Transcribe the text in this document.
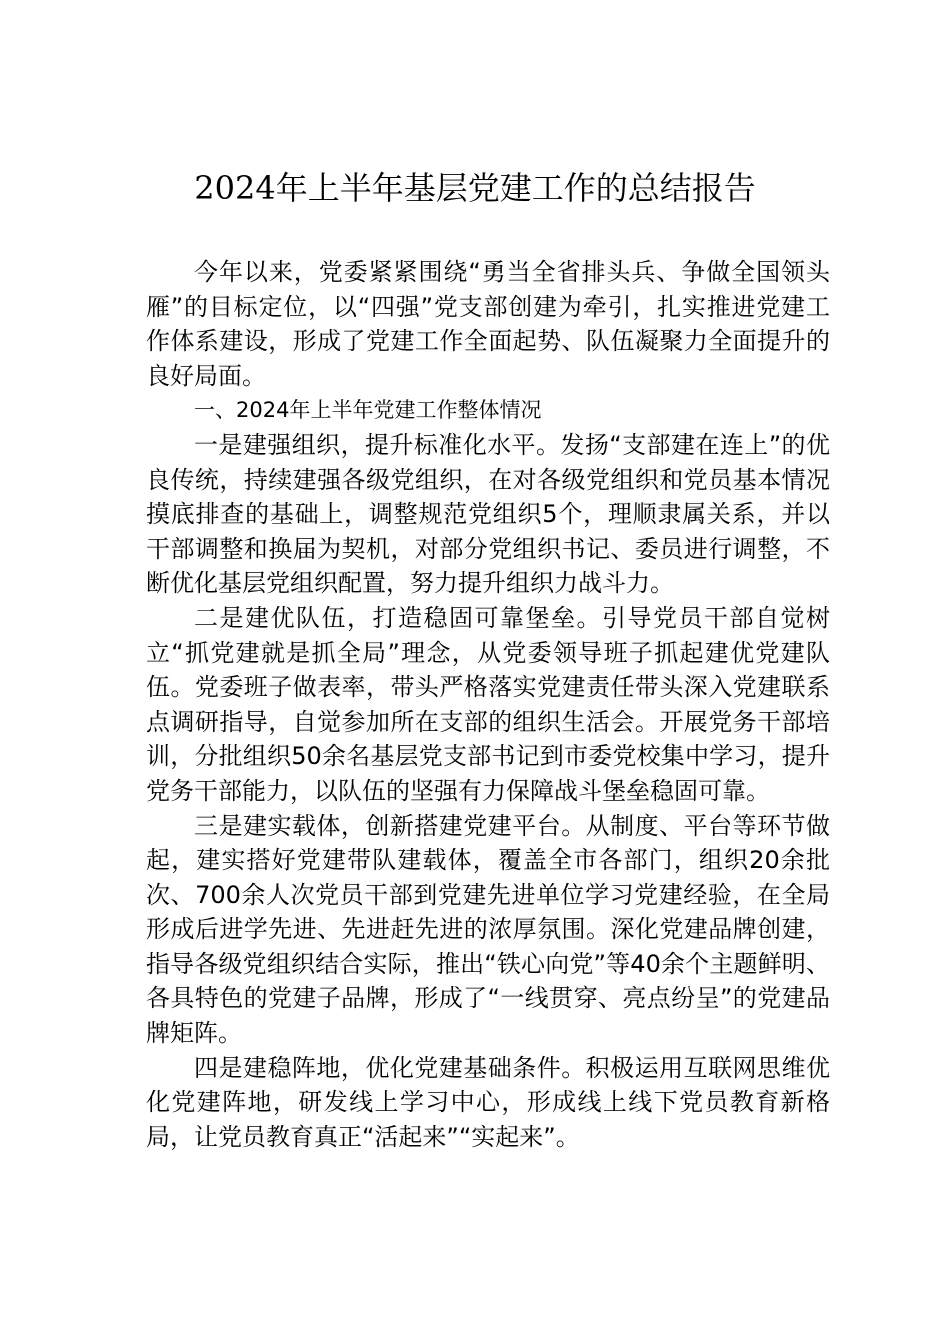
2024年上半年基层党建工作的总结报告

今年以来，党委紧紧围绕“勇当全省排头兵、争做全国领头雁”的目标定位，以“四强”党支部创建为牵引，扎实推进党建工作体系建设，形成了党建工作全面起势、队伍凝聚力全面提升的良好局面。

一、2024年上半年党建工作整体情况

一是建强组织，提升标准化水平。发扬“支部建在连上”的优良传统，持续建强各级党组织，在对各级党组织和党员基本情况摸底排查的基础上，调整规范党组织5个，理顺隶属关系，并以干部调整和换届为契机，对部分党组织书记、委员进行调整，不断优化基层党组织配置，努力提升组织力战斗力。

二是建优队伍，打造稳固可靠堡垒。引导党员干部自觉树立“抓党建就是抓全局”理念，从党委领导班子抓起建优党建队伍。党委班子做表率，带头严格落实党建责任带头深入党建联系点调研指导，自觉参加所在支部的组织生活会。开展党务干部培训，分批组织50余名基层党支部书记到市委党校集中学习，提升党务干部能力，以队伍的坚强有力保障战斗堡垒稳固可靠。

三是建实载体，创新搭建党建平台。从制度、平台等环节做起，建实搭好党建带队建载体，覆盖全市各部门，组织20余批次、700余人次党员干部到党建先进单位学习党建经验，在全局形成后进学先进、先进赶先进的浓厚氛围。深化党建品牌创建，指导各级党组织结合实际，推出“铁心向党”等40余个主题鲜明、各具特色的党建子品牌，形成了“一线贯穿、亮点纷呈”的党建品牌矩阵。

四是建稳阵地，优化党建基础条件。积极运用互联网思维优化党建阵地，研发线上学习中心，形成线上线下党员教育新格局，让党员教育真正“活起来”“实起来”。
